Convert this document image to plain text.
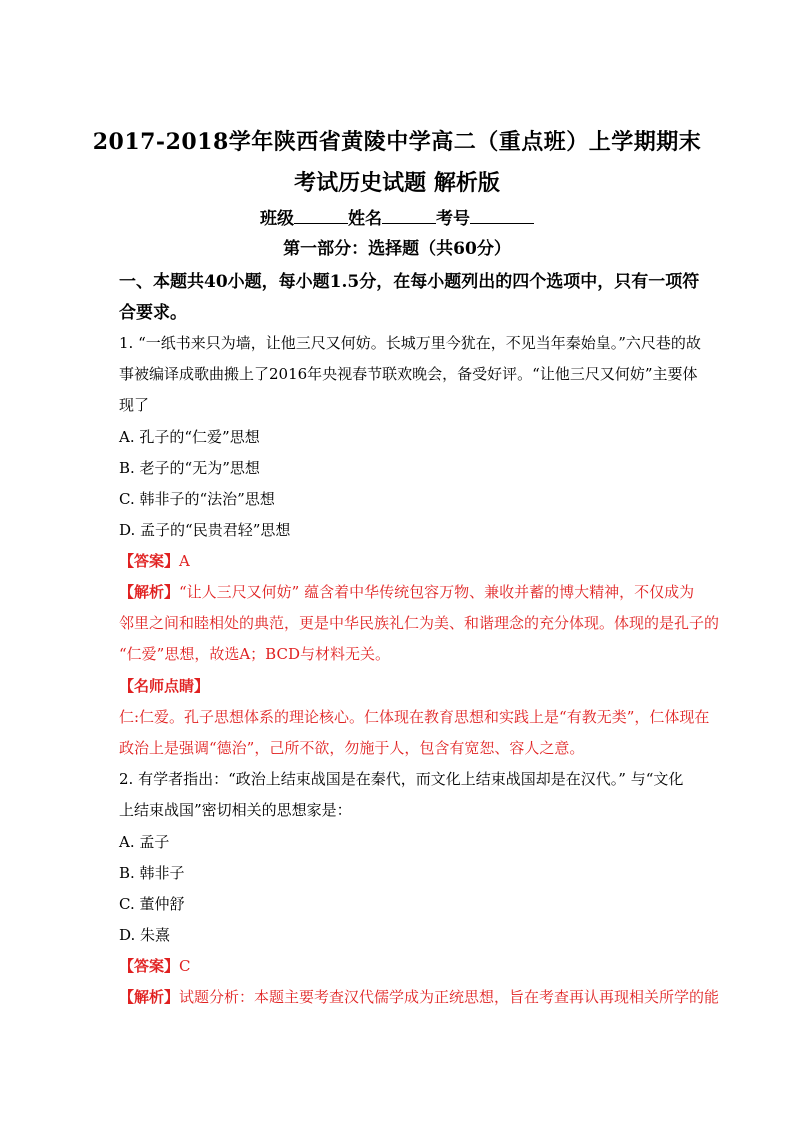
2017-2018学年陕西省黄陵中学高二（重点班）上学期期末
考试历史试题 解析版
班级	姓名	考号
第一部分：选择题（共60分）
一、本题共40小题，每小题1.5分，在每小题列出的四个选项中，只有一项符
合要求。
1. “一纸书来只为墙，让他三尺又何妨。长城万里今犹在，不见当年秦始皇。”六尺巷的故
事被编译成歌曲搬上了2016年央视春节联欢晚会，备受好评。“让他三尺又何妨”主要体
现了
A. 孔子的“仁爱”思想
B. 老子的“无为”思想
C. 韩非子的“法治”思想
D. 孟子的“民贵君轻”思想
【答案】A
【解析】“让人三尺又何妨” 蕴含着中华传统包容万物、兼收并蓄的博大精神，不仅成为
邻里之间和睦相处的典范，更是中华民族礼仁为美、和谐理念的充分体现。体现的是孔子的
“仁爱”思想，故选A；BCD与材料无关。
【名师点睛】
仁:仁爱。孔子思想体系的理论核心。仁体现在教育思想和实践上是“有教无类”，仁体现在
政治上是强调“德治”，己所不欲，勿施于人，包含有宽恕、容人之意。
2. 有学者指出：“政治上结束战国是在秦代，而文化上结束战国却是在汉代。” 与“文化
上结束战国”密切相关的思想家是：
A. 孟子
B. 韩非子
C. 董仲舒
D. 朱熹
【答案】C
【解析】试题分析：本题主要考查汉代儒学成为正统思想，旨在考查再认再现相关所学的能
